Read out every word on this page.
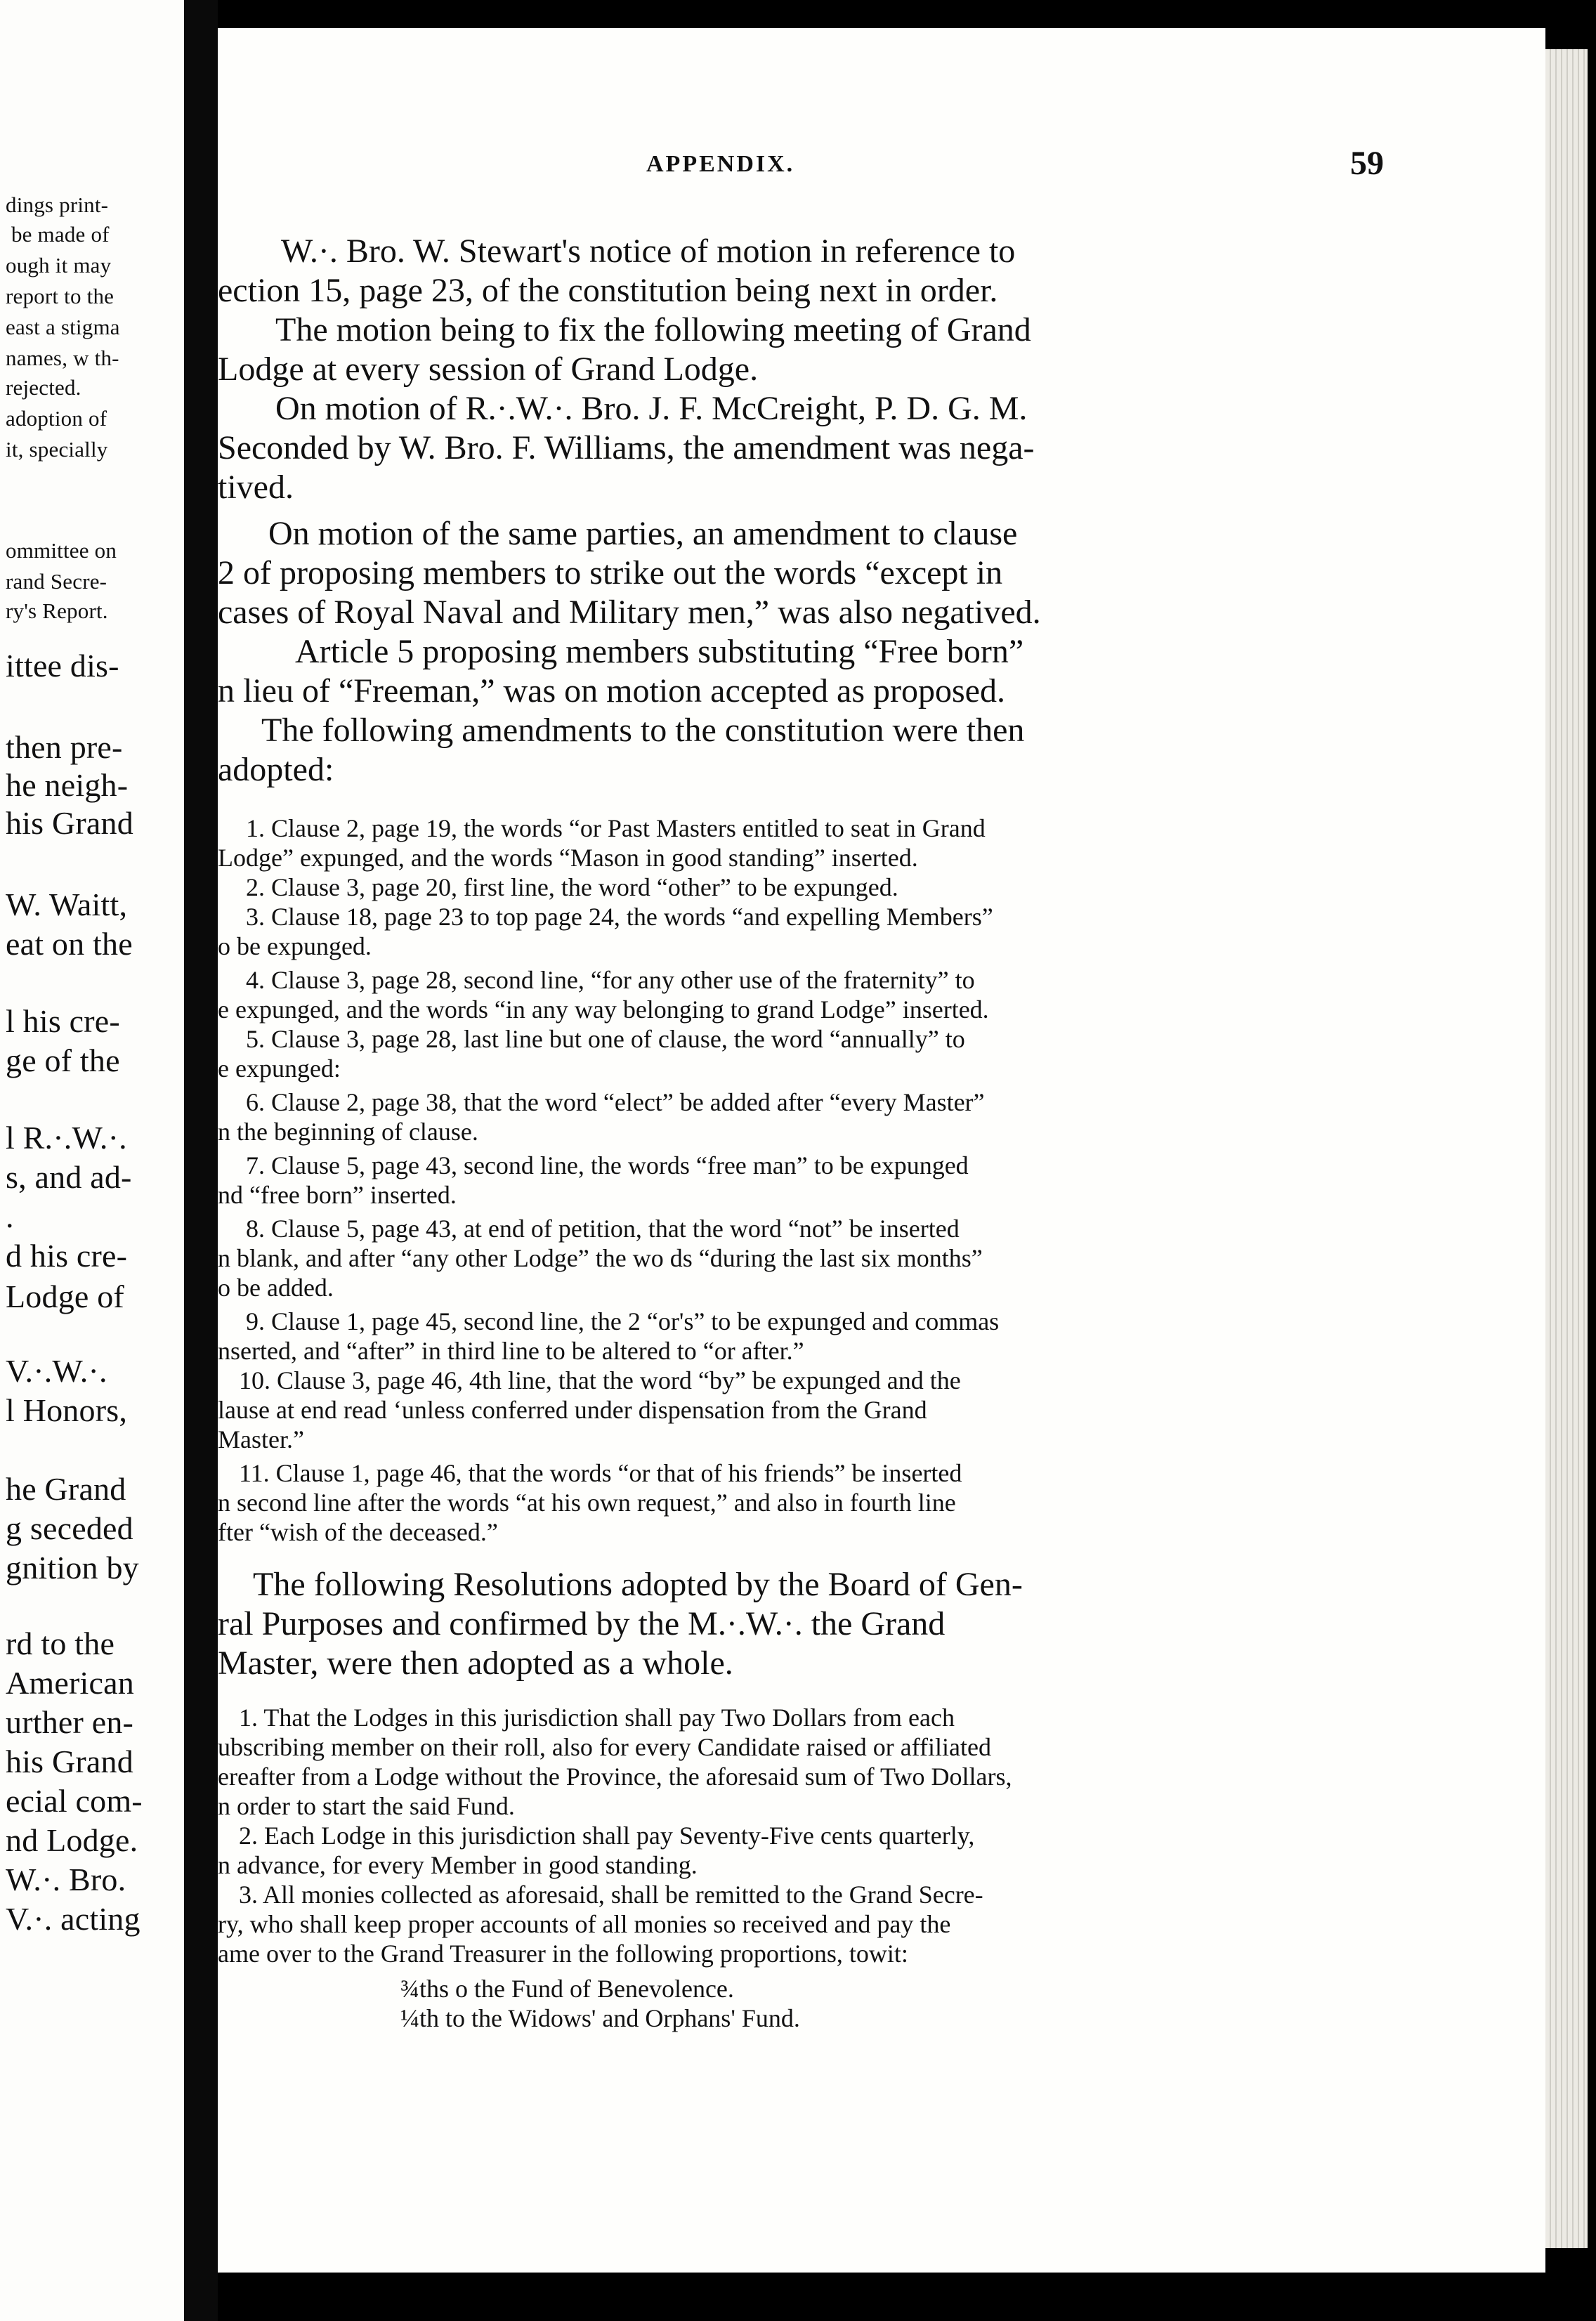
dings print-
​ be made of
ough it may
report to the
east a stigma
names, w th-
rejected.
adoption of
it, specially
ommittee on
rand Secre-
ry's Report.
ittee dis-
then pre-
he neigh-
his Grand
W. Waitt,
eat on the
l his cre-
ge of the
l R.·.W.·.
s, and ad-
.
d his cre-
Lodge of
V.·.W.·.
l Honors,
he Grand
g seceded
gnition by
rd to the
American
urther en-
his Grand
ecial com-
nd Lodge.
W.·. Bro.
V.·. acting
APPENDIX.	59
W.·. Bro. W. Stewart's notice of motion in reference to
ection 15, page 23, of the constitution being next in order.
The motion being to fix the following meeting of Grand
Lodge at every session of Grand Lodge.
On motion of R.·.W.·. Bro. J. F. McCreight, P. D. G. M.
Seconded by W. Bro. F. Williams, the amendment was nega-
tived.
On motion of the same parties, an amendment to clause
2 of proposing members to strike out the words “except in
cases of Royal Naval and Military men,” was also negatived.
Article 5 proposing members substituting “Free born”
n lieu of “Freeman,” was on motion accepted as proposed.
The following amendments to the constitution were then
adopted:
1. Clause 2, page 19, the words “or Past Masters entitled to seat in Grand
Lodge” expunged, and the words “Mason in good standing” inserted.
2. Clause 3, page 20, first line, the word “other” to be expunged.
3. Clause 18, page 23 to top page 24, the words “and expelling Members”
o be expunged.
4. Clause 3, page 28, second line, “for any other use of the fraternity” to
e expunged, and the words “in any way belonging to grand Lodge” inserted.
5. Clause 3, page 28, last line but one of clause, the word “annually” to
e expunged:
6. Clause 2, page 38, that the word “elect” be added after “every Master”
n the beginning of clause.
7. Clause 5, page 43, second line, the words “free man” to be expunged
nd “free born” inserted.
8. Clause 5, page 43, at end of petition, that the word “not” be inserted
n blank, and after “any other Lodge” the wo ds “during the last six months”
o be added.
9. Clause 1, page 45, second line, the 2 “or's” to be expunged and commas
nserted, and “after” in third line to be altered to “or after.”
10. Clause 3, page 46, 4th line, that the word “by” be expunged and the
lause at end read ‘unless conferred under dispensation from the Grand
Master.”
11. Clause 1, page 46, that the words “or that of his friends” be inserted
n second line after the words “at his own request,” and also in fourth line
fter “wish of the deceased.”
The following Resolutions adopted by the Board of Gen-
ral Purposes and confirmed by the M.·.W.·. the Grand
Master, were then adopted as a whole.
1. That the Lodges in this jurisdiction shall pay Two Dollars from each
ubscribing member on their roll, also for every Candidate raised or affiliated
ereafter from a Lodge without the Province, the aforesaid sum of Two Dollars,
n order to start the said Fund.
2. Each Lodge in this jurisdiction shall pay Seventy-Five cents quarterly,
n advance, for every Member in good standing.
3. All monies collected as aforesaid, shall be remitted to the Grand Secre-
ry, who shall keep proper accounts of all monies so received and pay the
ame over to the Grand Treasurer in the following proportions, towit:
¾ths o the Fund of Benevolence.
¼th to the Widows' and Orphans' Fund.
